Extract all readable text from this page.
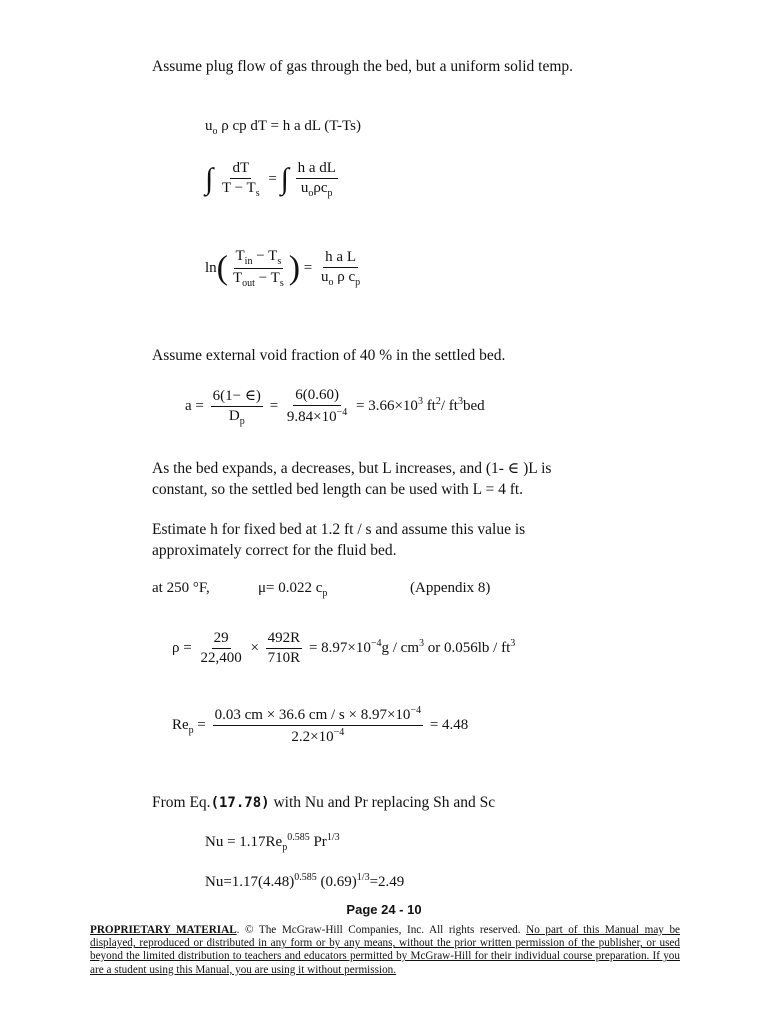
Assume plug flow of gas through the bed, but a uniform solid temp.
$u_o$ ρ cp dT = h a dL (T-Ts)
∫ $\frac{dT}{T - T_s}$ = ∫ $\frac{\text{h a dL}}{u_o\rho c_p}$
$\ln( \frac{T_{in} - T_s}{T_{out} - T_s}$ ) = $\frac{\text{h a L}}{u_o \rho c_p}$
Assume external void fraction of 40 % in the settled bed.
$a = \frac{6(1- \in)}{D_p} = \frac{6(0.60)}{9.84\times 10^{-4}} = 3.66\times 10^3$ $ft^2/$ $ft^3bed$
As the bed expands, a decreases, but L increases, and (1- ∈ )L is constant, so the settled bed length can be used with L = 4 ft.
Estimate h for fixed bed at 1.2 ft / s and assume this value is approximately correct for the fluid bed.
at 250 °F,	μ= 0.022 $c_p$	(Appendix 8)
$\rho = \frac{29}{22,400} \times \frac{492R}{710R} = 8.97\times 10^{-4}g / cm^3$ or $0.056lb / ft^3$
$Re_p = \frac{0.03 cm \times 36.6 cm / s \times 8.97\times 10^{-4}}{2.2\times 10^{-4}} = 4.48$
From Eq.(17.78) with Nu and Pr replacing Sh and Sc
$Nu = 1.17Re_p^{0.585}$ $Pr^{1/3}$
$Nu=1.17(4.48)^{0.585}$ $(0.69)^{1/3}=2.49$
Page 24 - 10
PROPRIETARY MATERIAL. © The McGraw-Hill Companies, Inc. All rights reserved. No part of this Manual may be displayed, reproduced or distributed in any form or by any means, without the prior written permission of the publisher, or used beyond the limited distribution to teachers and educators permitted by McGraw-Hill for their individual course preparation. If you are a student using this Manual, you are using it without permission.
